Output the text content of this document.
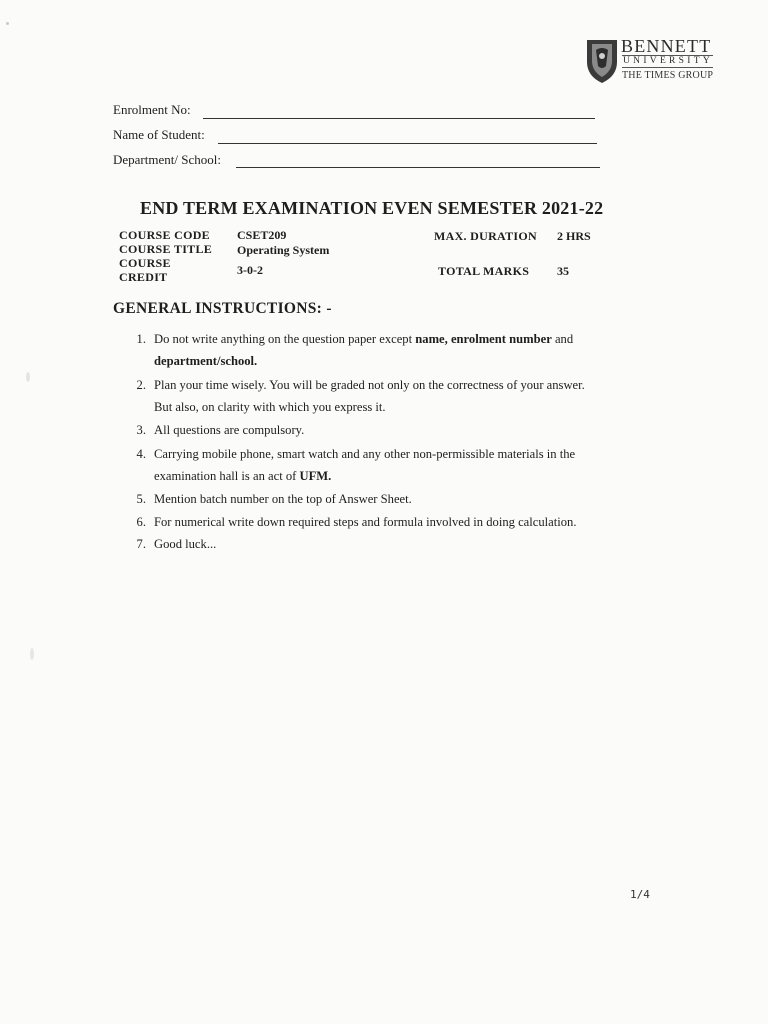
BENNETT
UNIVERSITY
THE TIMES GROUP
Enrolment No:
Name of Student:
Department/ School:
END TERM EXAMINATION EVEN SEMESTER 2021-22
COURSE CODE CSET209
COURSE TITLE Operating System
COURSE
CREDIT	3-0-2
MAX. DURATION 2 HRS
TOTAL MARKS 35
GENERAL INSTRUCTIONS: -
1. Do not write anything on the question paper except name, enrolment number and
department/school.
2. Plan your time wisely. You will be graded not only on the correctness of your answer.
But also, on clarity with which you express it.
3. All questions are compulsory.
4. Carrying mobile phone, smart watch and any other non-permissible materials in the
examination hall is an act of UFM.
5. Mention batch number on the top of Answer Sheet.
6. For numerical write down required steps and formula involved in doing calculation.
7. Good luck...
1/4
